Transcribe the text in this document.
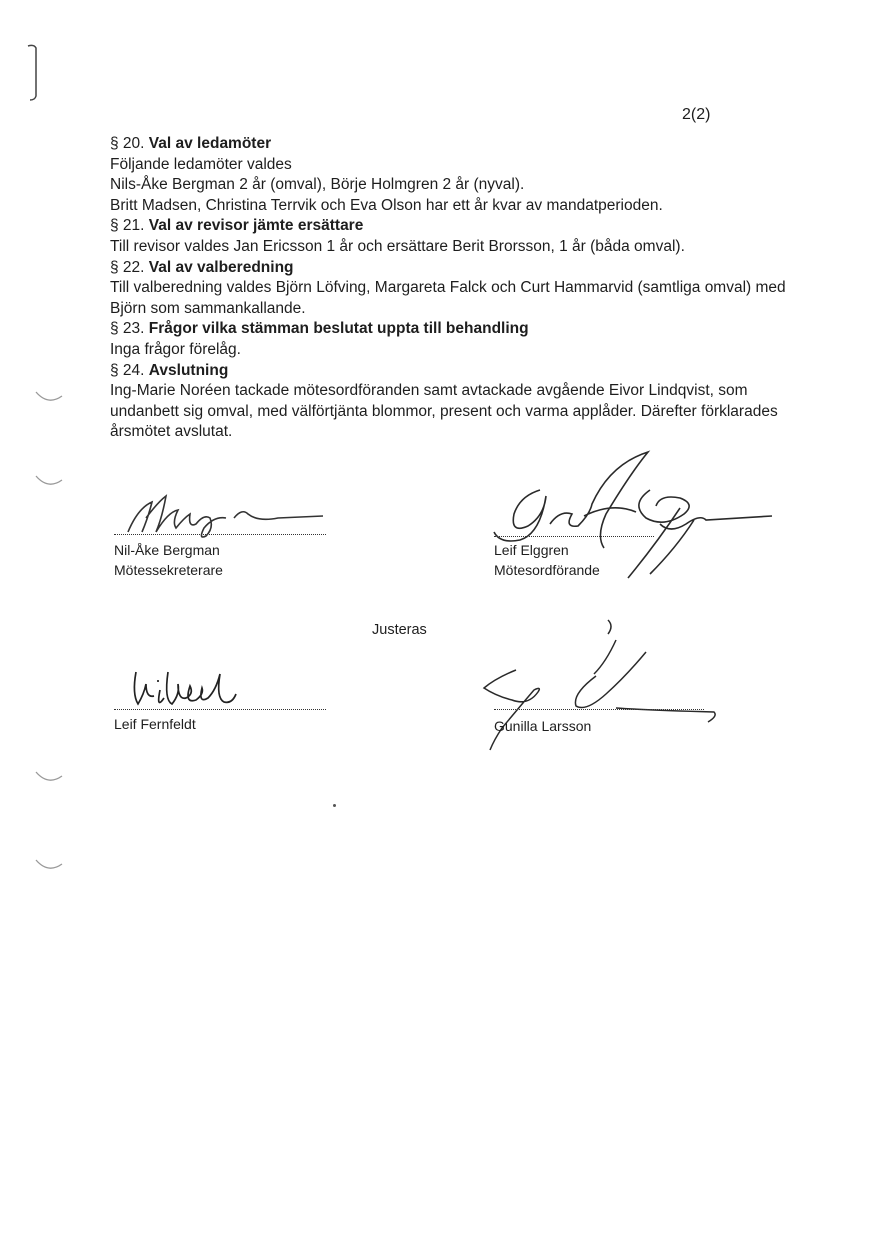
2(2)

§ 20. Val av ledamöter

Följande ledamöter valdes

Nils-Åke Bergman 2 år (omval), Börje Holmgren 2 år (nyval).

Britt Madsen, Christina Terrvik och Eva Olson har ett år kvar av mandatperioden.

§ 21. Val av revisor jämte ersättare

Till revisor valdes Jan Ericsson 1 år och ersättare Berit Brorsson, 1 år (båda omval).

§ 22. Val av valberedning

Till valberedning valdes Björn Löfving, Margareta Falck och Curt Hammarvid (samtliga omval) med Björn som sammankallande.

§ 23. Frågor vilka stämman beslutat uppta till behandling

Inga frågor förelåg.

§ 24. Avslutning

Ing-Marie Noréen tackade mötesordföranden samt avtackade avgående Eivor Lindqvist, som undanbett sig omval, med välförtjänta blommor, present och varma applåder. Därefter förklarades årsmötet avslutat.

Nil-Åke Bergman
Mötessekreterare
Leif Elggren
Mötesordförande
Justeras
Leif Fernfeldt	Gunilla Larsson
